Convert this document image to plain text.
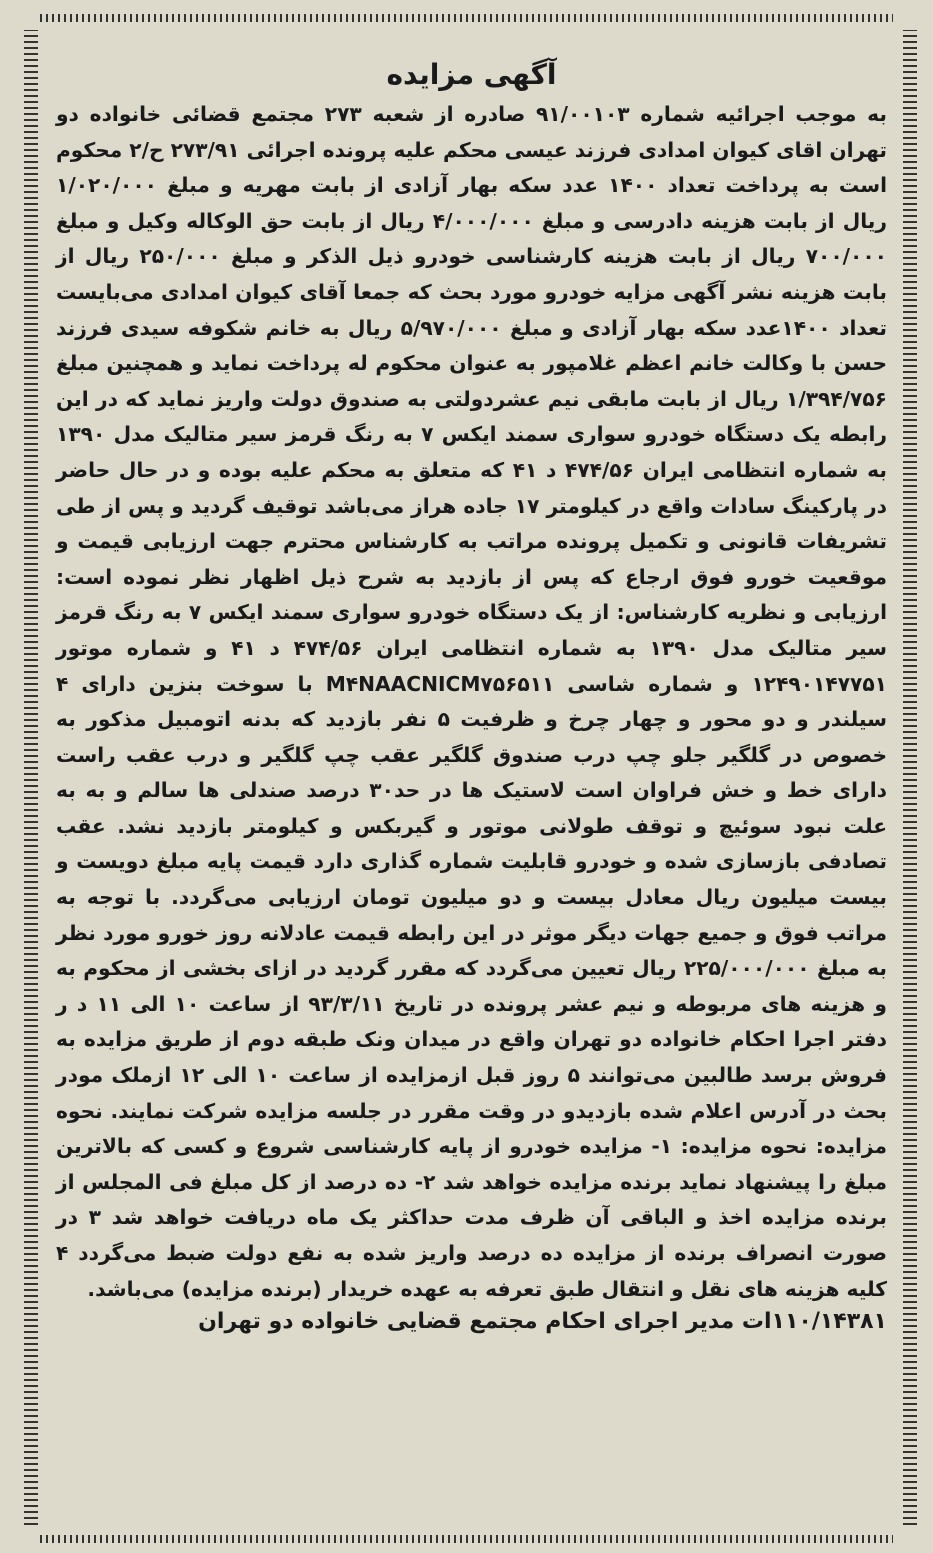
آگهی مزایده

به موجب اجرائیه شماره ۹۱/۰۰۱۰۳ صادره از شعبه ۲۷۳ مجتمع قضائی خانواده دو تهران اقای کیوان امدادی فرزند عیسی محکم علیه پرونده اجرائی ۲۷۳/۹۱ ح/۲ محکوم است به پرداخت تعداد ۱۴۰۰ عدد سکه بهار آزادی از بابت مهریه و مبلغ ۱/۰۲۰/۰۰۰ ریال از بابت هزینه دادرسی و مبلغ ۴/۰۰۰/۰۰۰ ریال از بابت حق الوکاله وکیل و مبلغ ۷۰۰/۰۰۰ ریال از بابت هزینه کارشناسی خودرو ذیل الذکر و مبلغ ۲۵۰/۰۰۰ ریال از بابت هزینه نشر آگهی مزایه خودرو مورد بحث که جمعا آقای کیوان امدادی می‌بایست تعداد ۱۴۰۰عدد سکه بهار آزادی و مبلغ ۵/۹۷۰/۰۰۰ ریال به خانم شکوفه سیدی فرزند حسن با وکالت خانم اعظم غلامپور به عنوان محکوم له پرداخت نماید و همچنین مبلغ ۱/۳۹۴/۷۵۶ ریال از بابت مابقی نیم عشردولتی به صندوق دولت واریز نماید که در این رابطه یک دستگاه خودرو سواری سمند ایکس ۷ به رنگ قرمز سیر متالیک مدل ۱۳۹۰ به شماره انتظامی ایران ۴۷۴/۵۶ د ۴۱ که متعلق به محکم علیه بوده و در حال حاضر در پارکینگ سادات واقع در کیلومتر ۱۷ جاده هراز می‌باشد توقیف گردید و پس از طی تشریفات قانونی و تکمیل پرونده مراتب به کارشناس محترم جهت ارزیابی قیمت و موقعیت خورو فوق ارجاع که پس از بازدید به شرح ذیل اظهار نظر نموده است: ارزیابی و نظریه کارشناس: از یک دستگاه خودرو سواری سمند ایکس ۷ به رنگ قرمز سیر متالیک مدل ۱۳۹۰ به شماره انتظامی ایران ۴۷۴/۵۶ د ۴۱ و شماره موتور ۱۲۴۹۰۱۴۷۷۵۱ و شماره شاسی M۴NAACNICM۷۵۶۵۱۱ با سوخت بنزین دارای ۴ سیلندر و دو محور و چهار چرخ و ظرفیت ۵ نفر بازدید که بدنه اتومبیل مذکور به خصوص در گلگیر جلو چپ درب صندوق گلگیر عقب چپ گلگیر و درب عقب راست دارای خط و خش فراوان است لاستیک ها در حد۳۰ درصد صندلی ها سالم و به به علت نبود سوئیچ و توقف طولانی موتور و گیربکس و کیلومتر بازدید نشد. عقب تصادفی بازسازی شده و خودرو قابلیت شماره گذاری دارد قیمت پایه مبلغ دویست و بیست میلیون ریال معادل بیست و دو میلیون تومان ارزیابی می‌گردد. با توجه به مراتب فوق و جمیع جهات دیگر موثر در این رابطه قیمت عادلانه روز خورو مورد نظر به مبلغ ۲۲۵/۰۰۰/۰۰۰ ریال تعیین می‌گردد که مقرر گردید در ازای بخشی از محکوم به و هزینه های مربوطه و نیم عشر پرونده در تاریخ ۹۳/۳/۱۱ از ساعت ۱۰ الی ۱۱ د ر دفتر اجرا احکام خانواده دو تهران واقع در میدان ونک طبقه دوم از طریق مزایده به فروش برسد طالبین می‌توانند ۵ روز قبل ازمزایده از ساعت ۱۰ الی ۱۲ ازملک مودر بحث در آدرس اعلام شده بازدیدو در وقت مقرر در جلسه مزایده شرکت نمایند. نحوه مزایده: نحوه مزایده: ۱- مزایده خودرو از پایه کارشناسی شروع و کسی که بالاترین مبلغ را پیشنهاد نماید برنده مزایده خواهد شد ۲- ده درصد از کل مبلغ فی المجلس از برنده مزایده اخذ و الباقی آن ظرف مدت حداکثر یک ماه دریافت خواهد شد ۳ در صورت انصراف برنده از مزایده ده درصد واریز شده به نفع دولت ضبط می‌گردد ۴ کلیه هزینه های نقل و انتقال طبق تعرفه به عهده خریدار (برنده مزایده) می‌باشد.

۱۱۰/۱۴۳۸۱ات مدیر اجرای احکام مجتمع قضایی خانواده دو تهران
